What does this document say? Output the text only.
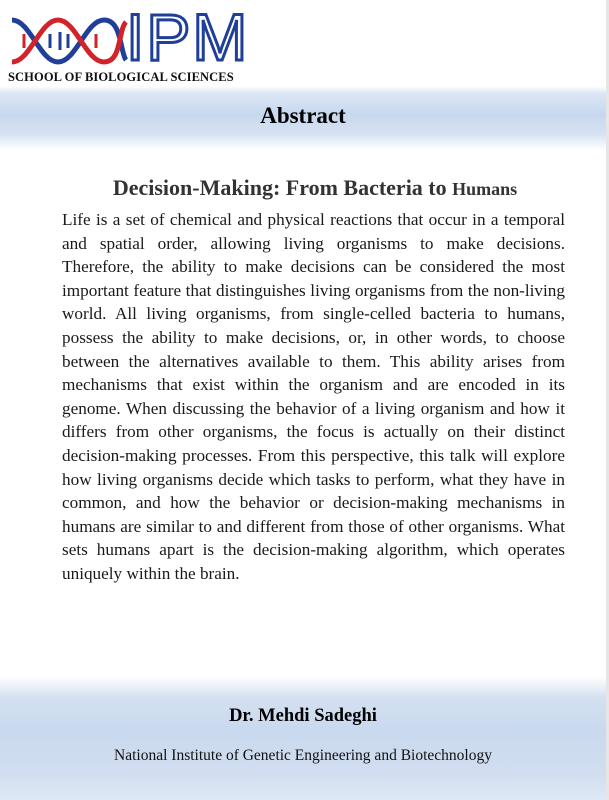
IPM
SCHOOL OF BIOLOGICAL SCIENCES
Abstract
Decision-Making: From Bacteria to Humans
Life is a set of chemical and physical reactions that occur in a temporal and spatial order, allowing living organisms to make decisions. Therefore, the ability to make decisions can be considered the most important feature that distinguishes living organisms from the non-living world. All living organisms, from single-celled bacteria to humans, possess the ability to make decisions, or, in other words, to choose between the alternatives available to them. This ability arises from mechanisms that exist within the organism and are encoded in its genome. When discussing the behavior of a living organism and how it differs from other organisms, the focus is actually on their distinct decision-making processes. From this perspective, this talk will explore how living organisms decide which tasks to perform, what they have in common, and how the behavior or decision-making mechanisms in humans are similar to and different from those of other organisms. What sets humans apart is the decision-making algorithm, which operates uniquely within the brain.
Dr. Mehdi Sadeghi
National Institute of Genetic Engineering and Biotechnology
